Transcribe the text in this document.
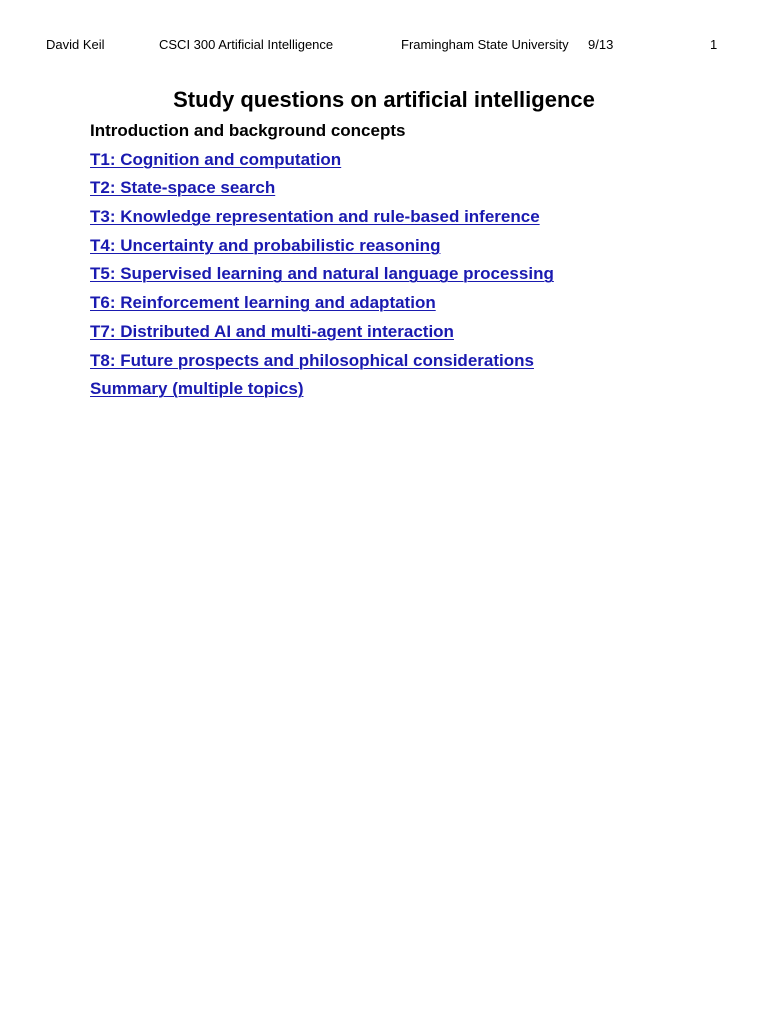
David Keil	CSCI 300 Artificial Intelligence	Framingham State University 9/13	1
Study questions on artificial intelligence
Introduction and background concepts
T1: Cognition and computation
T2: State-space search
T3: Knowledge representation and rule-based inference
T4: Uncertainty and probabilistic reasoning
T5: Supervised learning and natural language processing
T6: Reinforcement learning and adaptation
T7: Distributed AI and multi-agent interaction
T8: Future prospects and philosophical considerations
Summary (multiple topics)
